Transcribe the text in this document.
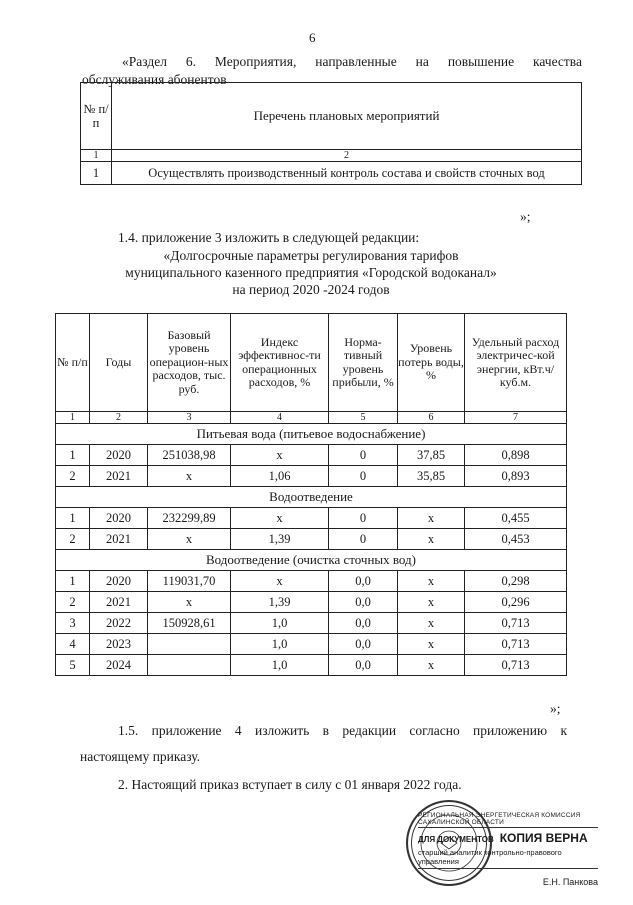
6
«Раздел 6. Мероприятия, направленные на повышение качества
обслуживания абонентов
№ п/п	Перечень плановых мероприятий
1	2
1	Осуществлять производственный контроль состава и свойств сточных вод
»;
1.4. приложение 3 изложить в следующей редакции:
«Долгосрочные параметры регулирования тарифов
муниципального казенного предприятия «Городской водоканал»
на период 2020 -2024 годов
№ п/п	Годы	Базовый уровень операцион-ных расходов, тыс. руб.	Индекс эффективнос-ти операционных расходов, %	Норма-тивный уровень прибыли, %	Уровень потерь воды, %	Удельный расход электричес-кой энергии, кВт.ч/куб.м.
1	2	3	4	5	6	7
Питьевая вода (питьевое водоснабжение)						
1	2020	251038,98	x	0	37,85	0,898
2	2021	x	1,06	0	35,85	0,893
Водоотведение						
1	2020	232299,89	x	0	x	0,455
2	2021	x	1,39	0	x	0,453
Водоотведение (очистка сточных вод)						
1	2020	119031,70	x	0,0	x	0,298
2	2021	x	1,39	0,0	x	0,296
3	2022	150928,61	1,0	0,0	x	0,713
4	2023		1,0	0,0	x	0,713
5	2024		1,0	0,0	x	0,713
»;
1.5. приложение 4 изложить в редакции согласно приложению к
настоящему приказу.
2. Настоящий приказ вступает в силу с 01 января 2022 года.
РЕГИОНАЛЬНАЯ ЭНЕРГЕТИЧЕСКАЯ КОМИССИЯ САХАЛИНСКОЙ ОБЛАСТИ
ДЛЯ ДОКУМЕНТОВ КОПИЯ ВЕРНА
старший аналитик контрольно-правового управления
Е.Н. Панкова
